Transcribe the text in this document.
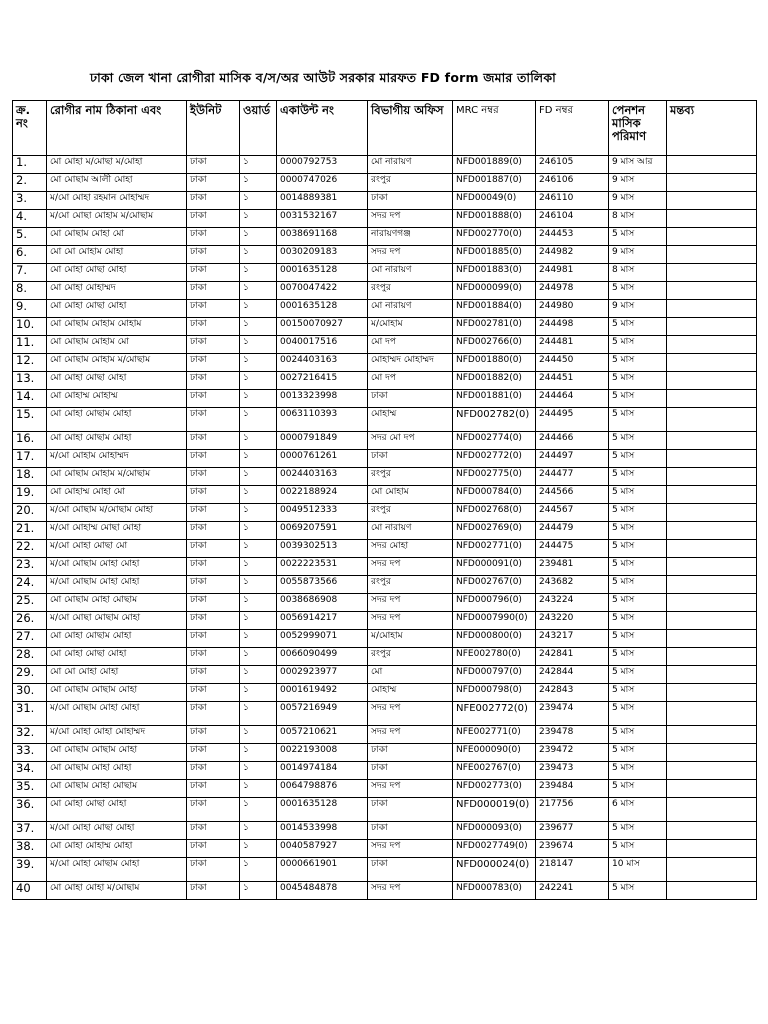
ঢাকা জেল খানা রোগীরা মাসিক ব/স/অর আউট সরকার মারফত FD form জমার তালিকা
ক্র. নং	রোগীর নাম ঠিকানা এবং	ইউনিট	ওয়ার্ড	একাউন্ট নং	বিভাগীয় অফিস	MRC নম্বর	FD নম্বর	পেনশন মাসিক পরিমাণ	মন্তব্য
1.	মো মোহা ম/মোছা ম/মোহা	ঢাকা	১	0000792753	মো নারায়ণ	NFD001889(0)	246105	9 মাস আর	
2.	মো মোছাম আলী মোহা	ঢাকা	১	0000747026	রংপুর	NFD001887(0)	246106	9 মাস	
3.	ম/মো মোহা রহমান মোহাম্মদ	ঢাকা	১	0014889381	ঢাকা	NFD00049(0)	246110	9 মাস	
4.	ম/মো মোছা মোহাম ম/মোছাম	ঢাকা	১	0031532167	সদর দপ	NFD001888(0)	246104	8 মাস	
5.	মো মোছাম মোহা মো	ঢাকা	১	0038691168	নারায়ণগঞ্জ	NFD002770(0)	244453	5 মাস	
6.	মো মো মোহাম মোহা	ঢাকা	১	0030209183	সদর দপ	NFD001885(0)	244982	9 মাস	
7.	মো মোহা মোছা মোহা	ঢাকা	১	0001635128	মো নারায়ণ	NFD001883(0)	244981	8 মাস	
8.	মো মোহা মোহাম্মদ	ঢাকা	১	0070047422	রংপুর	NFD000099(0)	244978	5 মাস	
9.	মো মোহা মোছা মোহা	ঢাকা	১	0001635128	মো নারায়ণ	NFD001884(0)	244980	9 মাস	
10.	মো মোছাম মোহাম মোহাম	ঢাকা	১	00150070927	ম/মোহাম	NFD002781(0)	244498	5 মাস	
11.	মো মোছাম মোহাম মো	ঢাকা	১	0040017516	মো দপ	NFD002766(0)	244481	5 মাস	
12.	মো মোছাম মোহাম ম/মোছাম	ঢাকা	১	0024403163	মোহাম্মদ মোহাম্মদ	NFD001880(0)	244450	5 মাস	
13.	মো মোহা মোছা মোহা	ঢাকা	১	0027216415	মো দপ	NFD001882(0)	244451	5 মাস	
14.	মো মোহাম্ম মোহাম্ম	ঢাকা	১	0013323998	ঢাকা	NFD001881(0)	244464	5 মাস	
15.	মো মোহা মোছাম মোহা	ঢাকা	১	0063110393	মোহাম্ম	NFD002782(0)	244495	5 মাস	
16.	মো মোহা মোছাম মোহা	ঢাকা	১	0000791849	সদর মো দপ	NFD002774(0)	244466	5 মাস	
17.	ম/মো মোহাম মোহাম্মদ	ঢাকা	১	0000761261	ঢাকা	NFD002772(0)	244497	5 মাস	
18.	মো মোছাম মোহাম ম/মোছাম	ঢাকা	১	0024403163	রংপুর	NFD002775(0)	244477	5 মাস	
19.	মো মোহাম্ম মোহা মো	ঢাকা	১	0022188924	মো মোহাম	NFD000784(0)	244566	5 মাস	
20.	ম/মো মোছাম ম/মোছাম মোহা	ঢাকা	১	0049512333	রংপুর	NFD002768(0)	244567	5 মাস	
21.	ম/মো মোহাম্ম মোছা মোহা	ঢাকা	১	0069207591	মো নারায়ণ	NFD002769(0)	244479	5 মাস	
22.	ম/মো মোহা মোছা মো	ঢাকা	১	0039302513	সদর মোহা	NFD002771(0)	244475	5 মাস	
23.	ম/মো মোছাম মোহা মোহা	ঢাকা	১	0022223531	সদর দপ	NFD000091(0)	239481	5 মাস	
24.	ম/মো মোছাম মোহা মোহা	ঢাকা	১	0055873566	রংপুর	NFD002767(0)	243682	5 মাস	
25.	মো মোছাম মোহা মোছাম	ঢাকা	১	0038686908	সদর দপ	NFD000796(0)	243224	5 মাস	
26.	ম/মো মোছা মোছাম মোহা	ঢাকা	১	0056914217	সদর দপ	NFD0007990(0)	243220	5 মাস	
27.	মো মোহা মোছাম মোহা	ঢাকা	১	0052999071	ম/মোহাম	NFD000800(0)	243217	5 মাস	
28.	মো মোহা মোছা মোহা	ঢাকা	১	0066090499	রংপুর	NFE002780(0)	242841	5 মাস	
29.	মো মো মোহা মোহা	ঢাকা	১	0002923977	মো	NFD000797(0)	242844	5 মাস	
30.	মো মোছাম মোছাম মোহা	ঢাকা	১	0001619492	মোহাম্ম	NFD000798(0)	242843	5 মাস	
31.	ম/মো মোছাম মোহা মোহা	ঢাকা	১	0057216949	সদর দপ	NFE002772(0)	239474	5 মাস	
32.	ম/মো মোহা মোহা মোহাম্মদ	ঢাকা	১	0057210621	সদর দপ	NFE002771(0)	239478	5 মাস	
33.	মো মোছাম মোছাম মোহা	ঢাকা	১	0022193008	ঢাকা	NFE000090(0)	239472	5 মাস	
34.	মো মোছাম মোহা মোহা	ঢাকা	১	0014974184	ঢাকা	NFE002767(0)	239473	5 মাস	
35.	মো মোছাম মোহা মোছাম	ঢাকা	১	0064798876	সদর দপ	NFD002773(0)	239484	5 মাস	
36.	মো মোহা মোছা মোহা	ঢাকা	১	0001635128	ঢাকা	NFD000019(0)	217756	6 মাস	
37.	ম/মো মোহা মোছা মোহা	ঢাকা	১	0014533998	ঢাকা	NFD000093(0)	239677	5 মাস	
38.	মো মোহা মোহাম্ম মোহা	ঢাকা	১	0040587927	সদর দপ	NFD0027749(0)	239674	5 মাস	
39.	ম/মো মোহা মোছাম মোহা	ঢাকা	১	0000661901	ঢাকা	NFD000024(0)	218147	10 মাস	
40	মো মোহা মোহা ম/মোছাম	ঢাকা	১	0045484878	সদর দপ	NFD000783(0)	242241	5 মাস	
